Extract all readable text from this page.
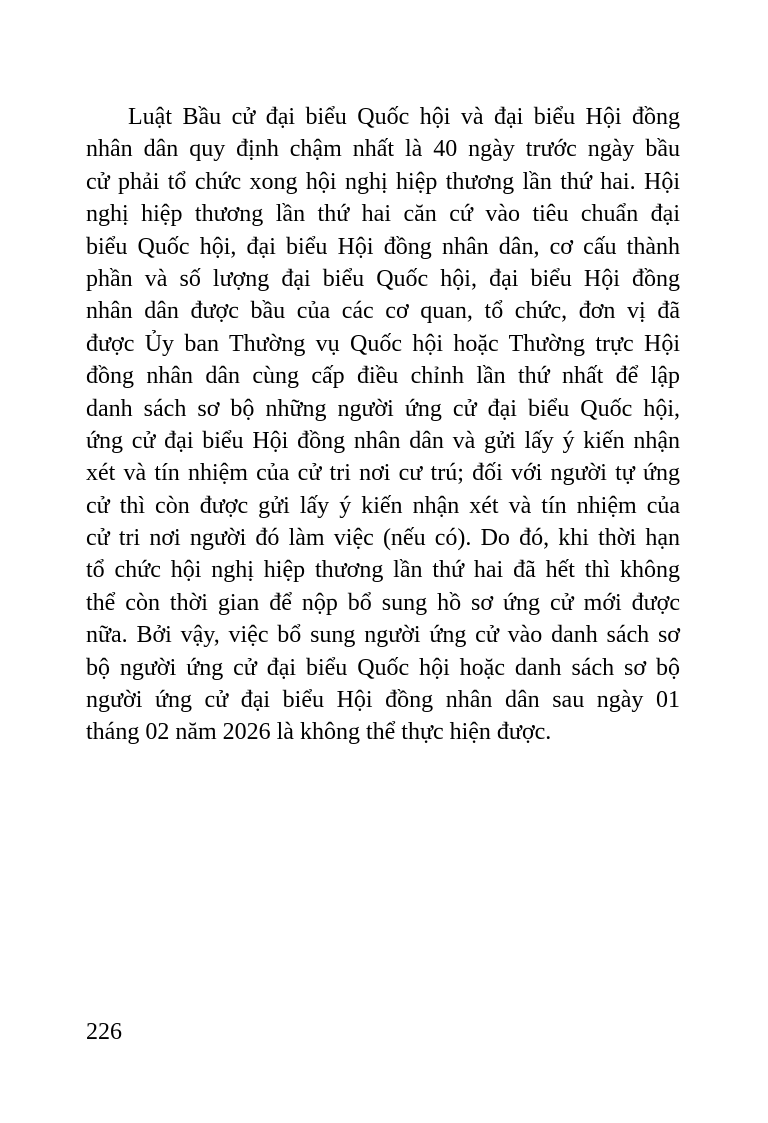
Luật Bầu cử đại biểu Quốc hội và đại biểu Hội đồng
nhân dân quy định chậm nhất là 40 ngày trước ngày bầu
cử phải tổ chức xong hội nghị hiệp thương lần thứ hai. Hội
nghị hiệp thương lần thứ hai căn cứ vào tiêu chuẩn đại
biểu Quốc hội, đại biểu Hội đồng nhân dân, cơ cấu thành
phần và số lượng đại biểu Quốc hội, đại biểu Hội đồng
nhân dân được bầu của các cơ quan, tổ chức, đơn vị đã
được Ủy ban Thường vụ Quốc hội hoặc Thường trực Hội
đồng nhân dân cùng cấp điều chỉnh lần thứ nhất để lập
danh sách sơ bộ những người ứng cử đại biểu Quốc hội,
ứng cử đại biểu Hội đồng nhân dân và gửi lấy ý kiến nhận
xét và tín nhiệm của cử tri nơi cư trú; đối với người tự ứng
cử thì còn được gửi lấy ý kiến nhận xét và tín nhiệm của
cử tri nơi người đó làm việc (nếu có). Do đó, khi thời hạn
tổ chức hội nghị hiệp thương lần thứ hai đã hết thì không
thể còn thời gian để nộp bổ sung hồ sơ ứng cử mới được
nữa. Bởi vậy, việc bổ sung người ứng cử vào danh sách sơ
bộ người ứng cử đại biểu Quốc hội hoặc danh sách sơ bộ
người ứng cử đại biểu Hội đồng nhân dân sau ngày 01
tháng 02 năm 2026 là không thể thực hiện được.

226
